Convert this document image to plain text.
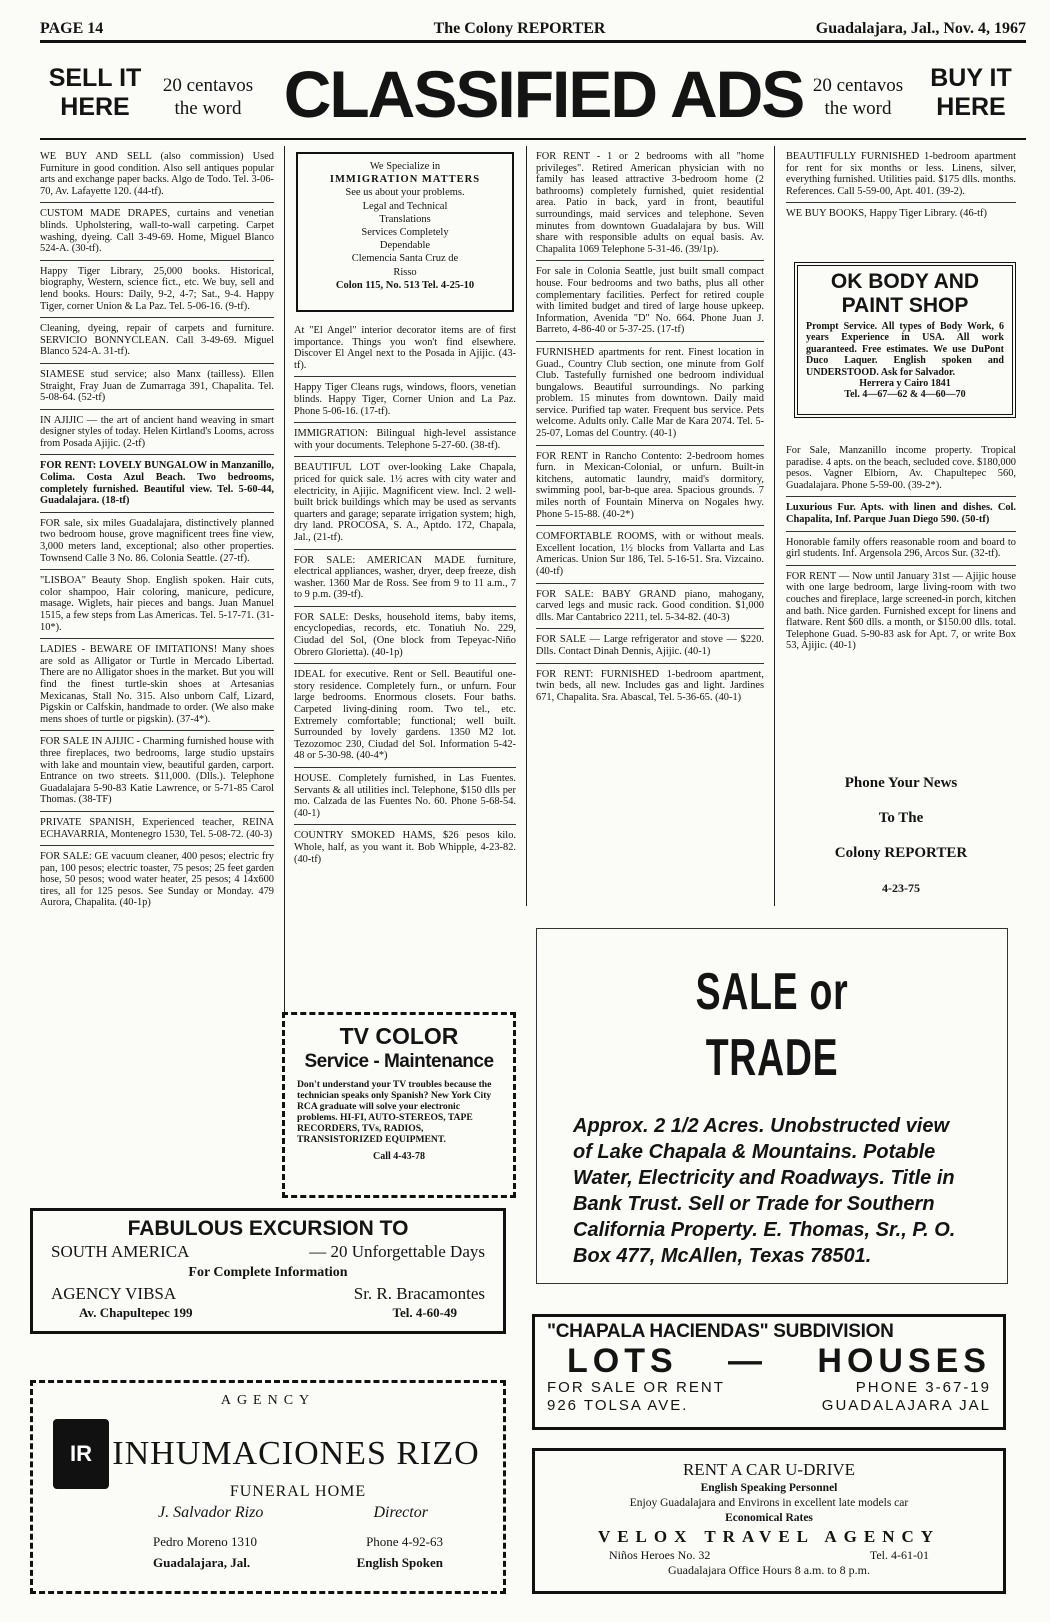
PAGE 14	The Colony REPORTER	Guadalajara, Jal., Nov. 4, 1967
SELL IT HERE
20 centavos the word CLASSIFIED ADS 20 centavos the word
BUY IT HERE

WE BUY AND SELL (also commission) Used Furniture in good condition. Also sell antiques popular arts and exchange paper backs. Algo de Todo. Tel. 3-06-70, Av. Lafayette 120. (44-tf).

CUSTOM MADE DRAPES, curtains and venetian blinds. Upholstering, wall-to-wall carpeting. Carpet washing, dyeing. Call 3-49-69. Home, Miguel Blanco 524-A. (30-tf).

Happy Tiger Library, 25,000 books. Historical, biography, Western, science fict., etc. We buy, sell and lend books. Hours: Daily, 9-2, 4-7; Sat., 9-4. Happy Tiger, corner Union & La Paz. Tel. 5-06-16. (9-tf).

Cleaning, dyeing, repair of carpets and furniture. SERVICIO BONNYCLEAN. Call 3-49-69. Miguel Blanco 524-A. 31-tf).

SIAMESE stud service; also Manx (tailless). Ellen Straight, Fray Juan de Zumarraga 391, Chapalita. Tel. 5-08-64. (52-tf)

IN AJIJIC — the art of ancient hand weaving in smart designer styles of today. Helen Kirtland's Looms, across from Posada Ajijic. (2-tf)

FOR RENT: LOVELY BUNGALOW in Manzanillo, Colima. Costa Azul Beach. Two bedrooms, completely furnished. Beautiful view. Tel. 5-60-44, Guadalajara. (18-tf)

FOR sale, six miles Guadalajara, distinctively planned two bedroom house, grove magnificent trees fine view, 3,000 meters land, exceptional; also other properties. Townsend Calle 3 No. 86. Colonia Seattle. (27-tf).

"LISBOA" Beauty Shop. English spoken. Hair cuts, color shampoo, Hair coloring, manicure, pedicure, masage. Wiglets, hair pieces and bangs. Juan Manuel 1515, a few steps from Las Americas. Tel. 5-17-71. (31-10*).

LADIES - BEWARE OF IMITATIONS! Many shoes are sold as Alligator or Turtle in Mercado Libertad. There are no Alligator shoes in the market. But you will find the finest turtle-skin shoes at Artesanias Mexicanas, Stall No. 315. Also unborn Calf, Lizard, Pigskin or Calfskin, handmade to order. (We also make mens shoes of turtle or pigskin). (37-4*).

FOR SALE IN AJIJIC - Charming furnished house with three fireplaces, two bedrooms, large studio upstairs with lake and mountain view, beautiful garden, carport. Entrance on two streets. $11,000. (Dlls.). Telephone Guadalajara 5-90-83 Katie Lawrence, or 5-71-85 Carol Thomas. (38-TF)

PRIVATE SPANISH, Experienced teacher, REINA ECHAVARRIA, Montenegro 1530, Tel. 5-08-72. (40-3)

FOR SALE: GE vacuum cleaner, 400 pesos; electric fry pan, 100 pesos; electric toaster, 75 pesos; 25 feet garden hose, 50 pesos; wood water heater, 25 pesos; 4 14x600 tires, all for 125 pesos. See Sunday or Monday. 479 Aurora, Chapalita. (40-1p)

We Specialize in
IMMIGRATION MATTERS
See us about your problems.
Legal and Technical
Translations
Services Completely
Dependable
Clemencia Santa Cruz de
Risso
Colon 115, No. 513 Tel. 4-25-10

At "El Angel" interior decorator items are of first importance. Things you won't find elsewhere. Discover El Angel next to the Posada in Ajijic. (43-tf).

Happy Tiger Cleans rugs, windows, floors, venetian blinds. Happy Tiger, Corner Union and La Paz. Phone 5-06-16. (17-tf).

IMMIGRATION: Bilingual high-level assistance with your documents. Telephone 5-27-60. (38-tf).

BEAUTIFUL LOT over-looking Lake Chapala, priced for quick sale. 1½ acres with city water and electricity, in Ajijic. Magnificent view. Incl. 2 well-built brick buildings which may be used as servants quarters and garage; separate irrigation system; high, dry land. PROCOSA, S. A., Aptdo. 172, Chapala, Jal., (21-tf).

FOR SALE: AMERICAN MADE furniture, electrical appliances, washer, dryer, deep freeze, dish washer. 1360 Mar de Ross. See from 9 to 11 a.m., 7 to 9 p.m. (39-tf).

FOR SALE: Desks, household items, baby items, encyclopedias, records, etc. Tonatiuh No. 229, Ciudad del Sol, (One block from Tepeyac-Niño Obrero Glorietta). (40-1p)

IDEAL for executive. Rent or Sell. Beautiful one-story residence. Completely furn., or unfurn. Four large bedrooms. Enormous closets. Four baths. Carpeted living-dining room. Two tel., etc. Extremely comfortable; functional; well built. Surrounded by lovely gardens. 1350 M2 lot. Tezozomoc 230, Ciudad del Sol. Information 5-42-48 or 5-30-98. (40-4*)

HOUSE. Completely furnished, in Las Fuentes. Servants & all utilities incl. Telephone, $150 dlls per mo. Calzada de las Fuentes No. 60. Phone 5-68-54. (40-1)

COUNTRY SMOKED HAMS, $26 pesos kilo. Whole, half, as you want it. Bob Whipple, 4-23-82. (40-tf)

TV COLOR
Service - Maintenance
Don't understand your TV troubles because the technician speaks only Spanish? New York City RCA graduate will solve your electronic problems. HI-FI, AUTO-STEREOS, TAPE RECORDERS, TVs, RADIOS, TRANSISTORIZED EQUIPMENT.
Call 4-43-78

FOR RENT - 1 or 2 bedrooms with all "home privileges". Retired American physician with no family has leased attractive 3-bedroom home (2 bathrooms) completely furnished, quiet residential area. Patio in back, yard in front, beautiful surroundings, maid services and telephone. Seven minutes from downtown Guadalajara by bus. Will share with responsible adults on equal basis. Av. Chapalita 1069 Telephone 5-31-46. (39/1p).

For sale in Colonia Seattle, just built small compact house. Four bedrooms and two baths, plus all other complementary facilities. Perfect for retired couple with limited budget and tired of large house upkeep. Information, Avenida "D" No. 664. Phone Juan J. Barreto, 4-86-40 or 5-37-25. (17-tf)

FURNISHED apartments for rent. Finest location in Guad., Country Club section, one minute from Golf Club. Tastefully furnished one bedroom individual bungalows. Beautiful surroundings. No parking problem. 15 minutes from downtown. Daily maid service. Purified tap water. Frequent bus service. Pets welcome. Adults only. Calle Mar de Kara 2074. Tel. 5-25-07, Lomas del Country. (40-1)

FOR RENT in Rancho Contento: 2-bedroom homes furn. in Mexican-Colonial, or unfurn. Built-in kitchens, automatic laundry, maid's dormitory, swimming pool, bar-b-que area. Spacious grounds. 7 miles north of Fountain Minerva on Nogales hwy. Phone 5-15-88. (40-2*)

COMFORTABLE ROOMS, with or without meals. Excellent location, 1½ blocks from Vallarta and Las Americas. Union Sur 186, Tel. 5-16-51. Sra. Vizcaino. (40-tf)

FOR SALE: BABY GRAND piano, mahogany, carved legs and music rack. Good condition. $1,000 dlls. Mar Cantabrico 2211, tel. 5-34-82. (40-3)

FOR SALE — Large refrigerator and stove — $220. Dlls. Contact Dinah Dennis, Ajijic. (40-1)

FOR RENT: FURNISHED 1-bedroom apartment, twin beds, all new. Includes gas and light. Jardines 671, Chapalita. Sra. Abascal, Tel. 5-36-65. (40-1)

BEAUTIFULLY FURNISHED 1-bedroom apartment for rent for six months or less. Linens, silver, everything furnished. Utilities paid. $175 dlls. months. References. Call 5-59-00, Apt. 401. (39-2).

WE BUY BOOKS, Happy Tiger Library. (46-tf)

OK BODY AND PAINT SHOP
Prompt Service. All types of Body Work, 6 years Experience in USA. All work guaranteed. Free estimates. We use DuPont Duco Laquer. English spoken and UNDERSTOOD. Ask for Salvador.
Herrera y Cairo 1841
Tel. 4—67—62 & 4—60—70

For Sale, Manzanillo income property. Tropical paradise. 4 apts. on the beach, secluded cove. $180,000 pesos. Vagner Elbiorn, Av. Chapultepec 560, Guadalajara. Phone 5-59-00. (39-2*).

Luxurious Fur. Apts. with linen and dishes. Col. Chapalita, Inf. Parque Juan Diego 590. (50-tf)

Honorable family offers reasonable room and board to girl students. Inf. Argensola 296, Arcos Sur. (32-tf).

FOR RENT — Now until January 31st — Ajijic house with one large bedroom, large living-room with two couches and fireplace, large screened-in porch, kitchen and bath. Nice garden. Furnished except for linens and flatware. Rent $60 dlls. a month, or $150.00 dlls. total. Telephone Guad. 5-90-83 ask for Apt. 7, or write Box 53, Ajijic. (40-1)

Phone Your News
To The
Colony REPORTER
4-23-75
SALE or TRADE
Approx. 2 1/2 Acres. Unobstructed view of Lake Chapala & Mountains. Potable Water, Electricity and Roadways. Title in Bank Trust. Sell or Trade for Southern California Property. E. Thomas, Sr., P. O. Box 477, McAllen, Texas 78501.
FABULOUS EXCURSION TO
SOUTH AMERICA	— 20 Unforgettable Days
For Complete Information
AGENCY VIBSA	Sr. R. Bracamontes
Av. Chapultepec 199	Tel. 4-60-49
"CHAPALA HACIENDAS" SUBDIVISION
LOTS — HOUSES
FOR SALE OR RENT	PHONE 3-67-19
926 TOLSA AVE.	GUADALAJARA JAL
AGENCY
IR INHUMACIONES RIZO
FUNERAL HOME
J. Salvador Rizo	Director
Pedro Moreno 1310	Phone 4-92-63
Guadalajara, Jal.	English Spoken
RENT A CAR U-DRIVE
English Speaking Personnel
Enjoy Guadalajara and Environs in excellent late models car
Economical Rates
VELOX TRAVEL AGENCY
Niños Heroes No. 32	Tel. 4-61-01
Guadalajara Office Hours 8 a.m. to 8 p.m.
